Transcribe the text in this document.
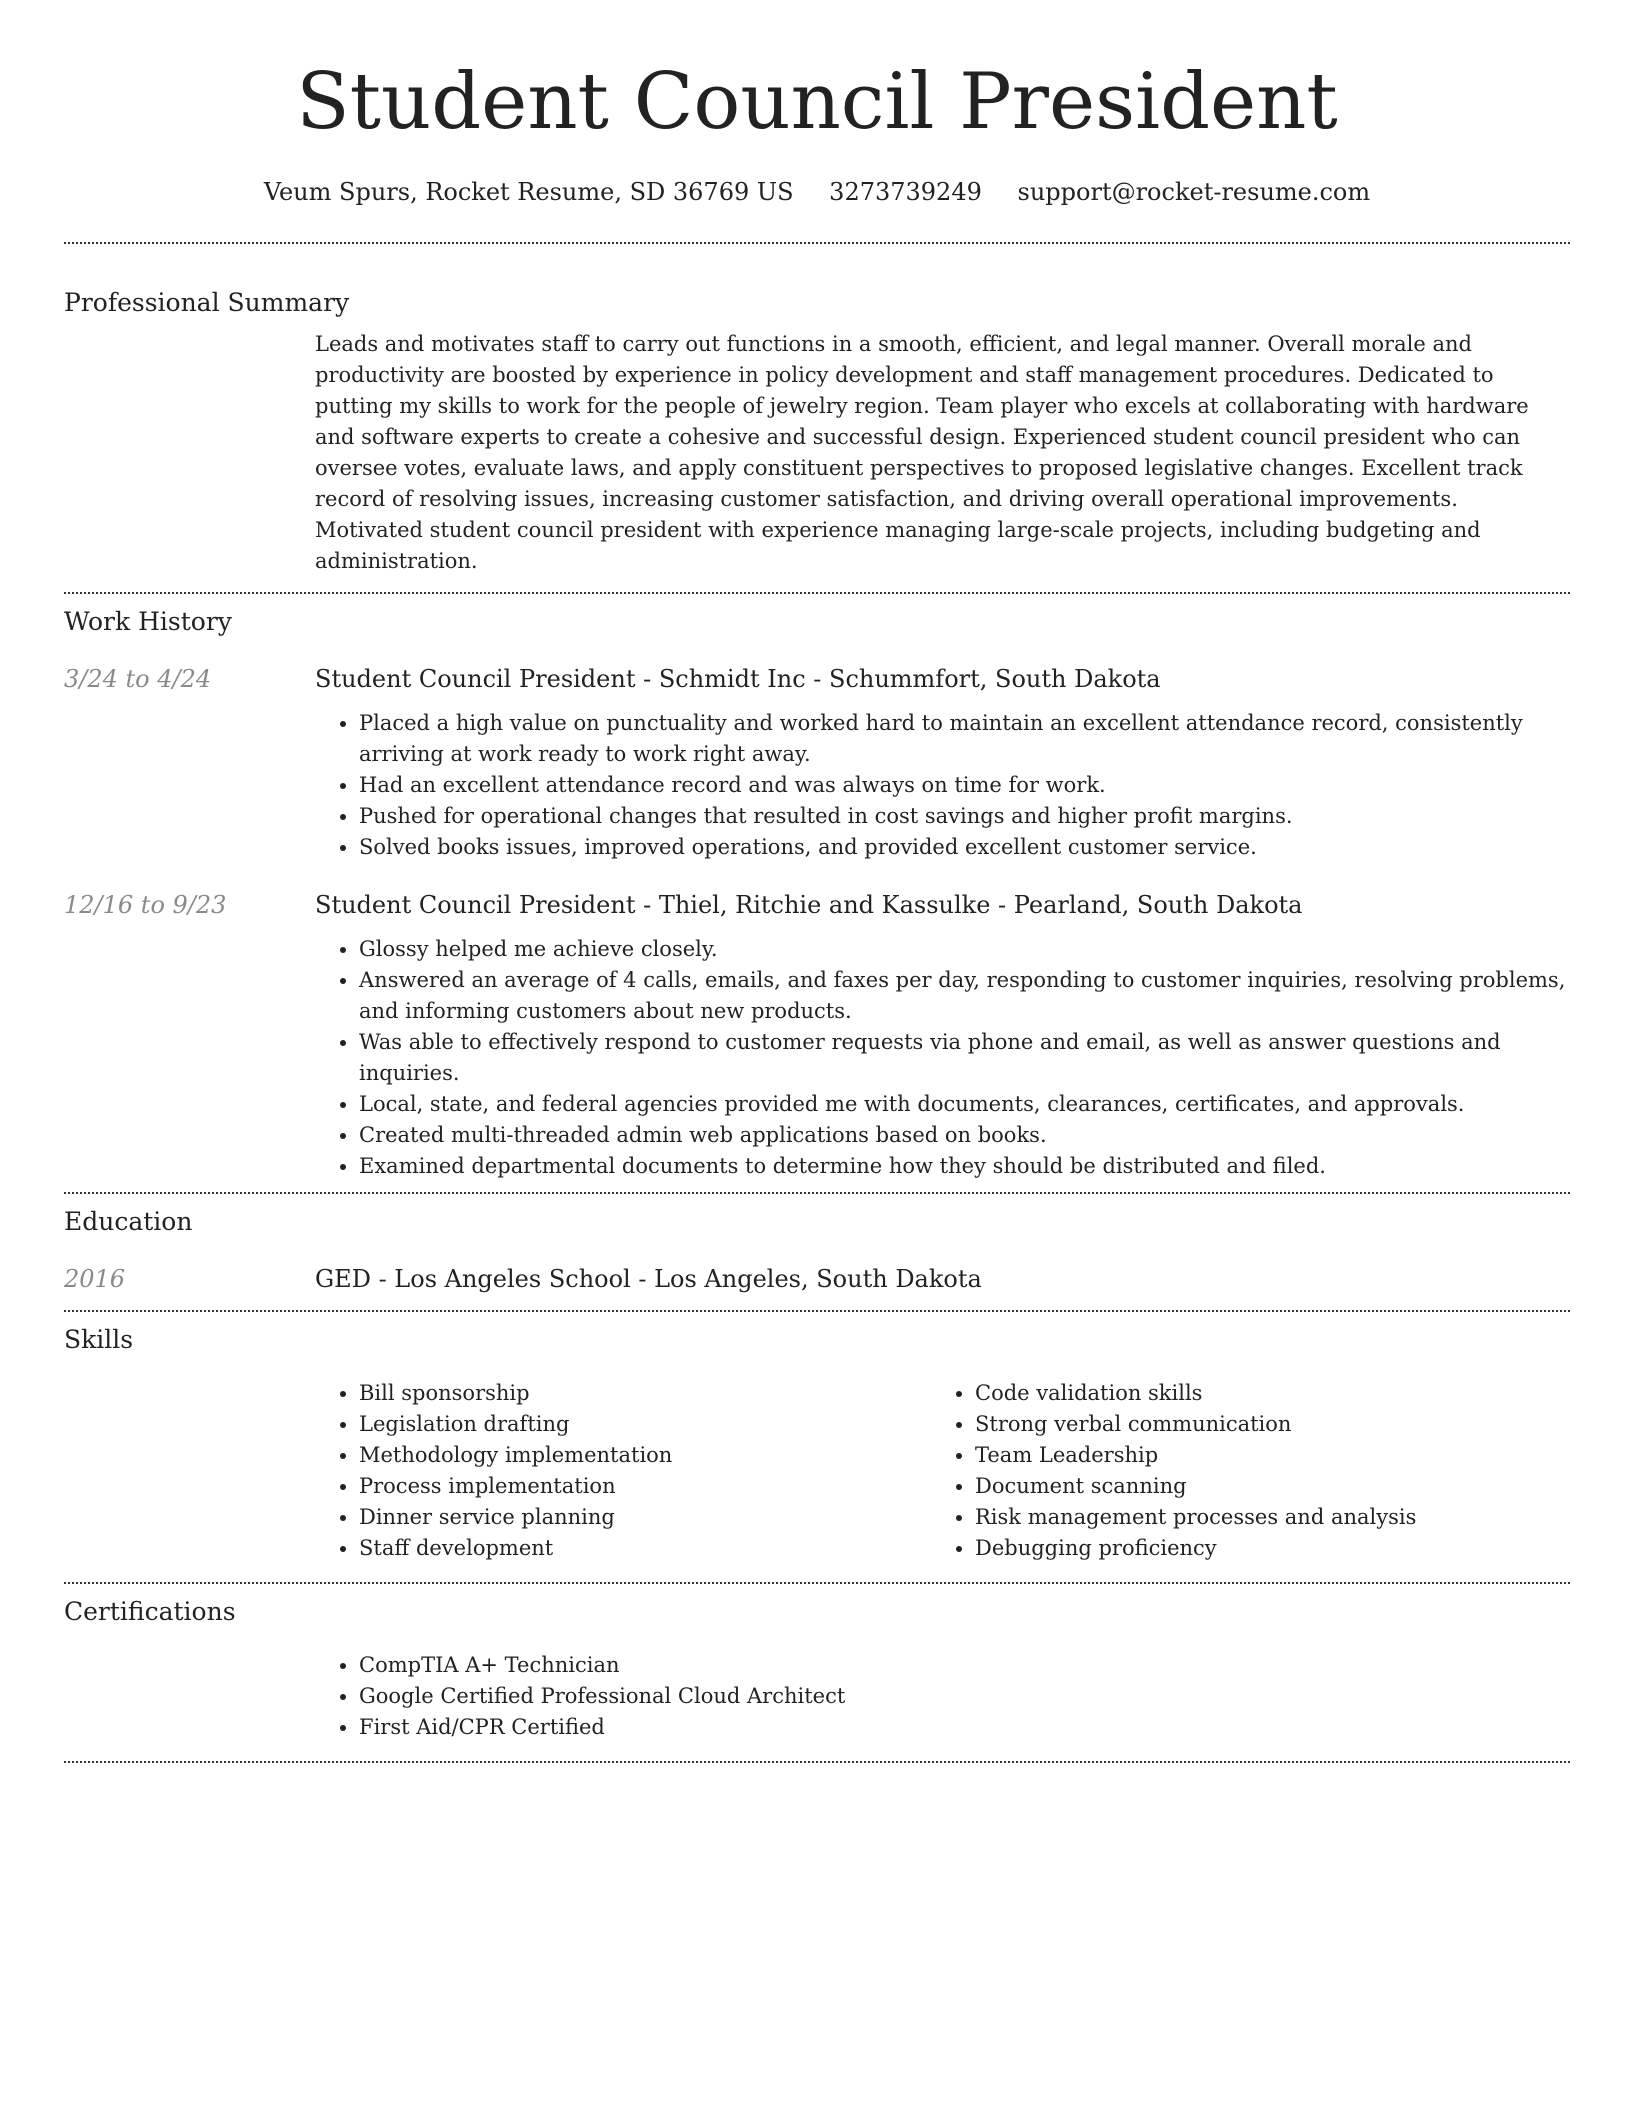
Student Council President
Veum Spurs, Rocket Resume, SD 36769 US 3273739249 support@rocket-resume.com
Professional Summary

Leads and motivates staff to carry out functions in a smooth, efficient, and legal manner. Overall morale and productivity are boosted by experience in policy development and staff management procedures. Dedicated to putting my skills to work for the people of jewelry region. Team player who excels at collaborating with hardware and software experts to create a cohesive and successful design. Experienced student council president who can oversee votes, evaluate laws, and apply constituent perspectives to proposed legislative changes. Excellent track record of resolving issues, increasing customer satisfaction, and driving overall operational improvements. Motivated student council president with experience managing large-scale projects, including budgeting and administration.

Work History
3/24 to 4/24	Student Council President - Schmidt Inc - Schummfort, South Dakota

• Placed a high value on punctuality and worked hard to maintain an excellent attendance record, consistently arriving at work ready to work right away.
• Had an excellent attendance record and was always on time for work.
• Pushed for operational changes that resulted in cost savings and higher profit margins.
• Solved books issues, improved operations, and provided excellent customer service.
12/16 to 9/23	Student Council President - Thiel, Ritchie and Kassulke - Pearland, South Dakota

• Glossy helped me achieve closely.
• Answered an average of 4 calls, emails, and faxes per day, responding to customer inquiries, resolving problems, and informing customers about new products.
• Was able to effectively respond to customer requests via phone and email, as well as answer questions and inquiries.
• Local, state, and federal agencies provided me with documents, clearances, certificates, and approvals.
• Created multi-threaded admin web applications based on books.
• Examined departmental documents to determine how they should be distributed and filed.
Education
2016	GED - Los Angeles School - Los Angeles, South Dakota

Skills
• Bill sponsorship
• Legislation drafting
• Methodology implementation
• Process implementation
• Dinner service planning
• Staff development
• Code validation skills
• Strong verbal communication
• Team Leadership
• Document scanning
• Risk management processes and analysis
• Debugging proficiency
Certifications
• CompTIA A+ Technician
• Google Certified Professional Cloud Architect
• First Aid/CPR Certified
